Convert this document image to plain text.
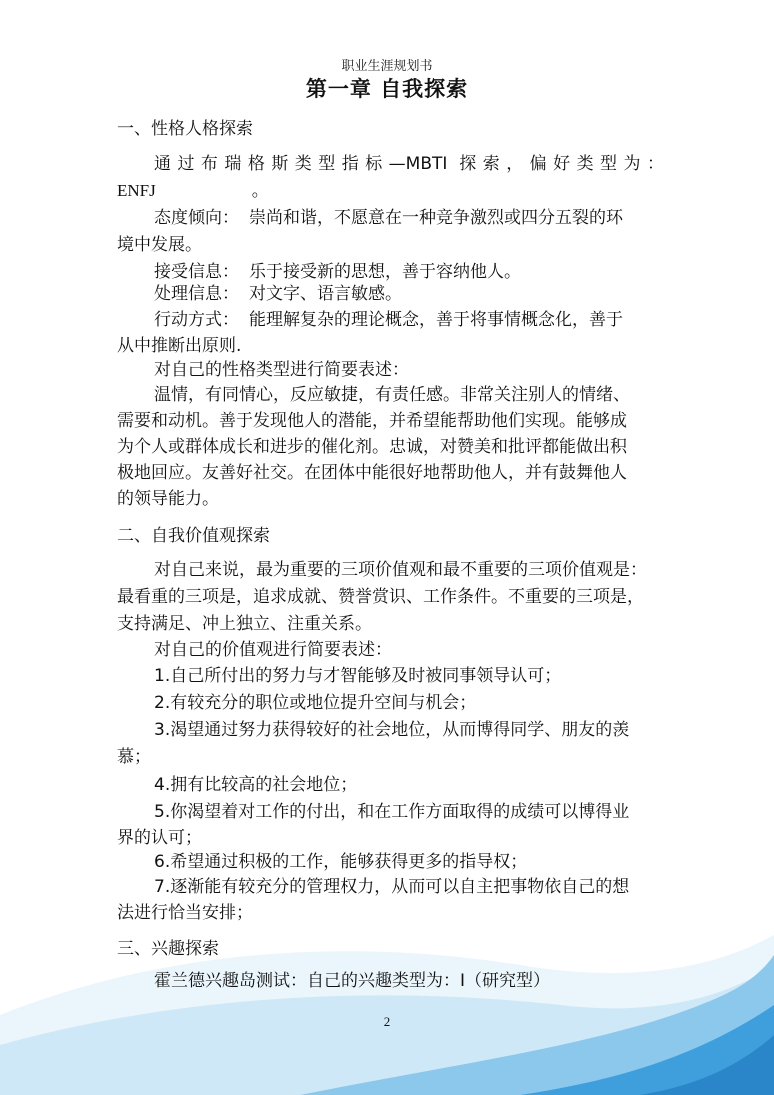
职业生涯规划书
第一章 自我探索
一、性格人格探索
通过布瑞格斯类型指标—MBTI 探索，偏好类型为：
ENFJ	。
态度倾向： 崇尚和谐，不愿意在一种竞争激烈或四分五裂的环
境中发展。
接受信息： 乐于接受新的思想，善于容纳他人。
处理信息： 对文字、语言敏感。
行动方式： 能理解复杂的理论概念，善于将事情概念化，善于
从中推断出原则.
对自己的性格类型进行简要表述：
温情，有同情心，反应敏捷，有责任感。非常关注别人的情绪、
需要和动机。善于发现他人的潜能，并希望能帮助他们实现。能够成
为个人或群体成长和进步的催化剂。忠诚，对赞美和批评都能做出积
极地回应。友善好社交。在团体中能很好地帮助他人，并有鼓舞他人
的领导能力。
二、自我价值观探索
对自己来说，最为重要的三项价值观和最不重要的三项价值观是：
最看重的三项是，追求成就、赞誉赏识、工作条件。不重要的三项是，
支持满足、冲上独立、注重关系。
对自己的价值观进行简要表述：
1.自己所付出的努力与才智能够及时被同事领导认可；
2.有较充分的职位或地位提升空间与机会；
3.渴望通过努力获得较好的社会地位，从而博得同学、朋友的羡
慕；
4.拥有比较高的社会地位；
5.你渴望着对工作的付出，和在工作方面取得的成绩可以博得业
界的认可；
6.希望通过积极的工作，能够获得更多的指导权；
7.逐渐能有较充分的管理权力，从而可以自主把事物依自己的想
法进行恰当安排；
三、兴趣探索
霍兰德兴趣岛测试：自己的兴趣类型为：I（研究型）
2
